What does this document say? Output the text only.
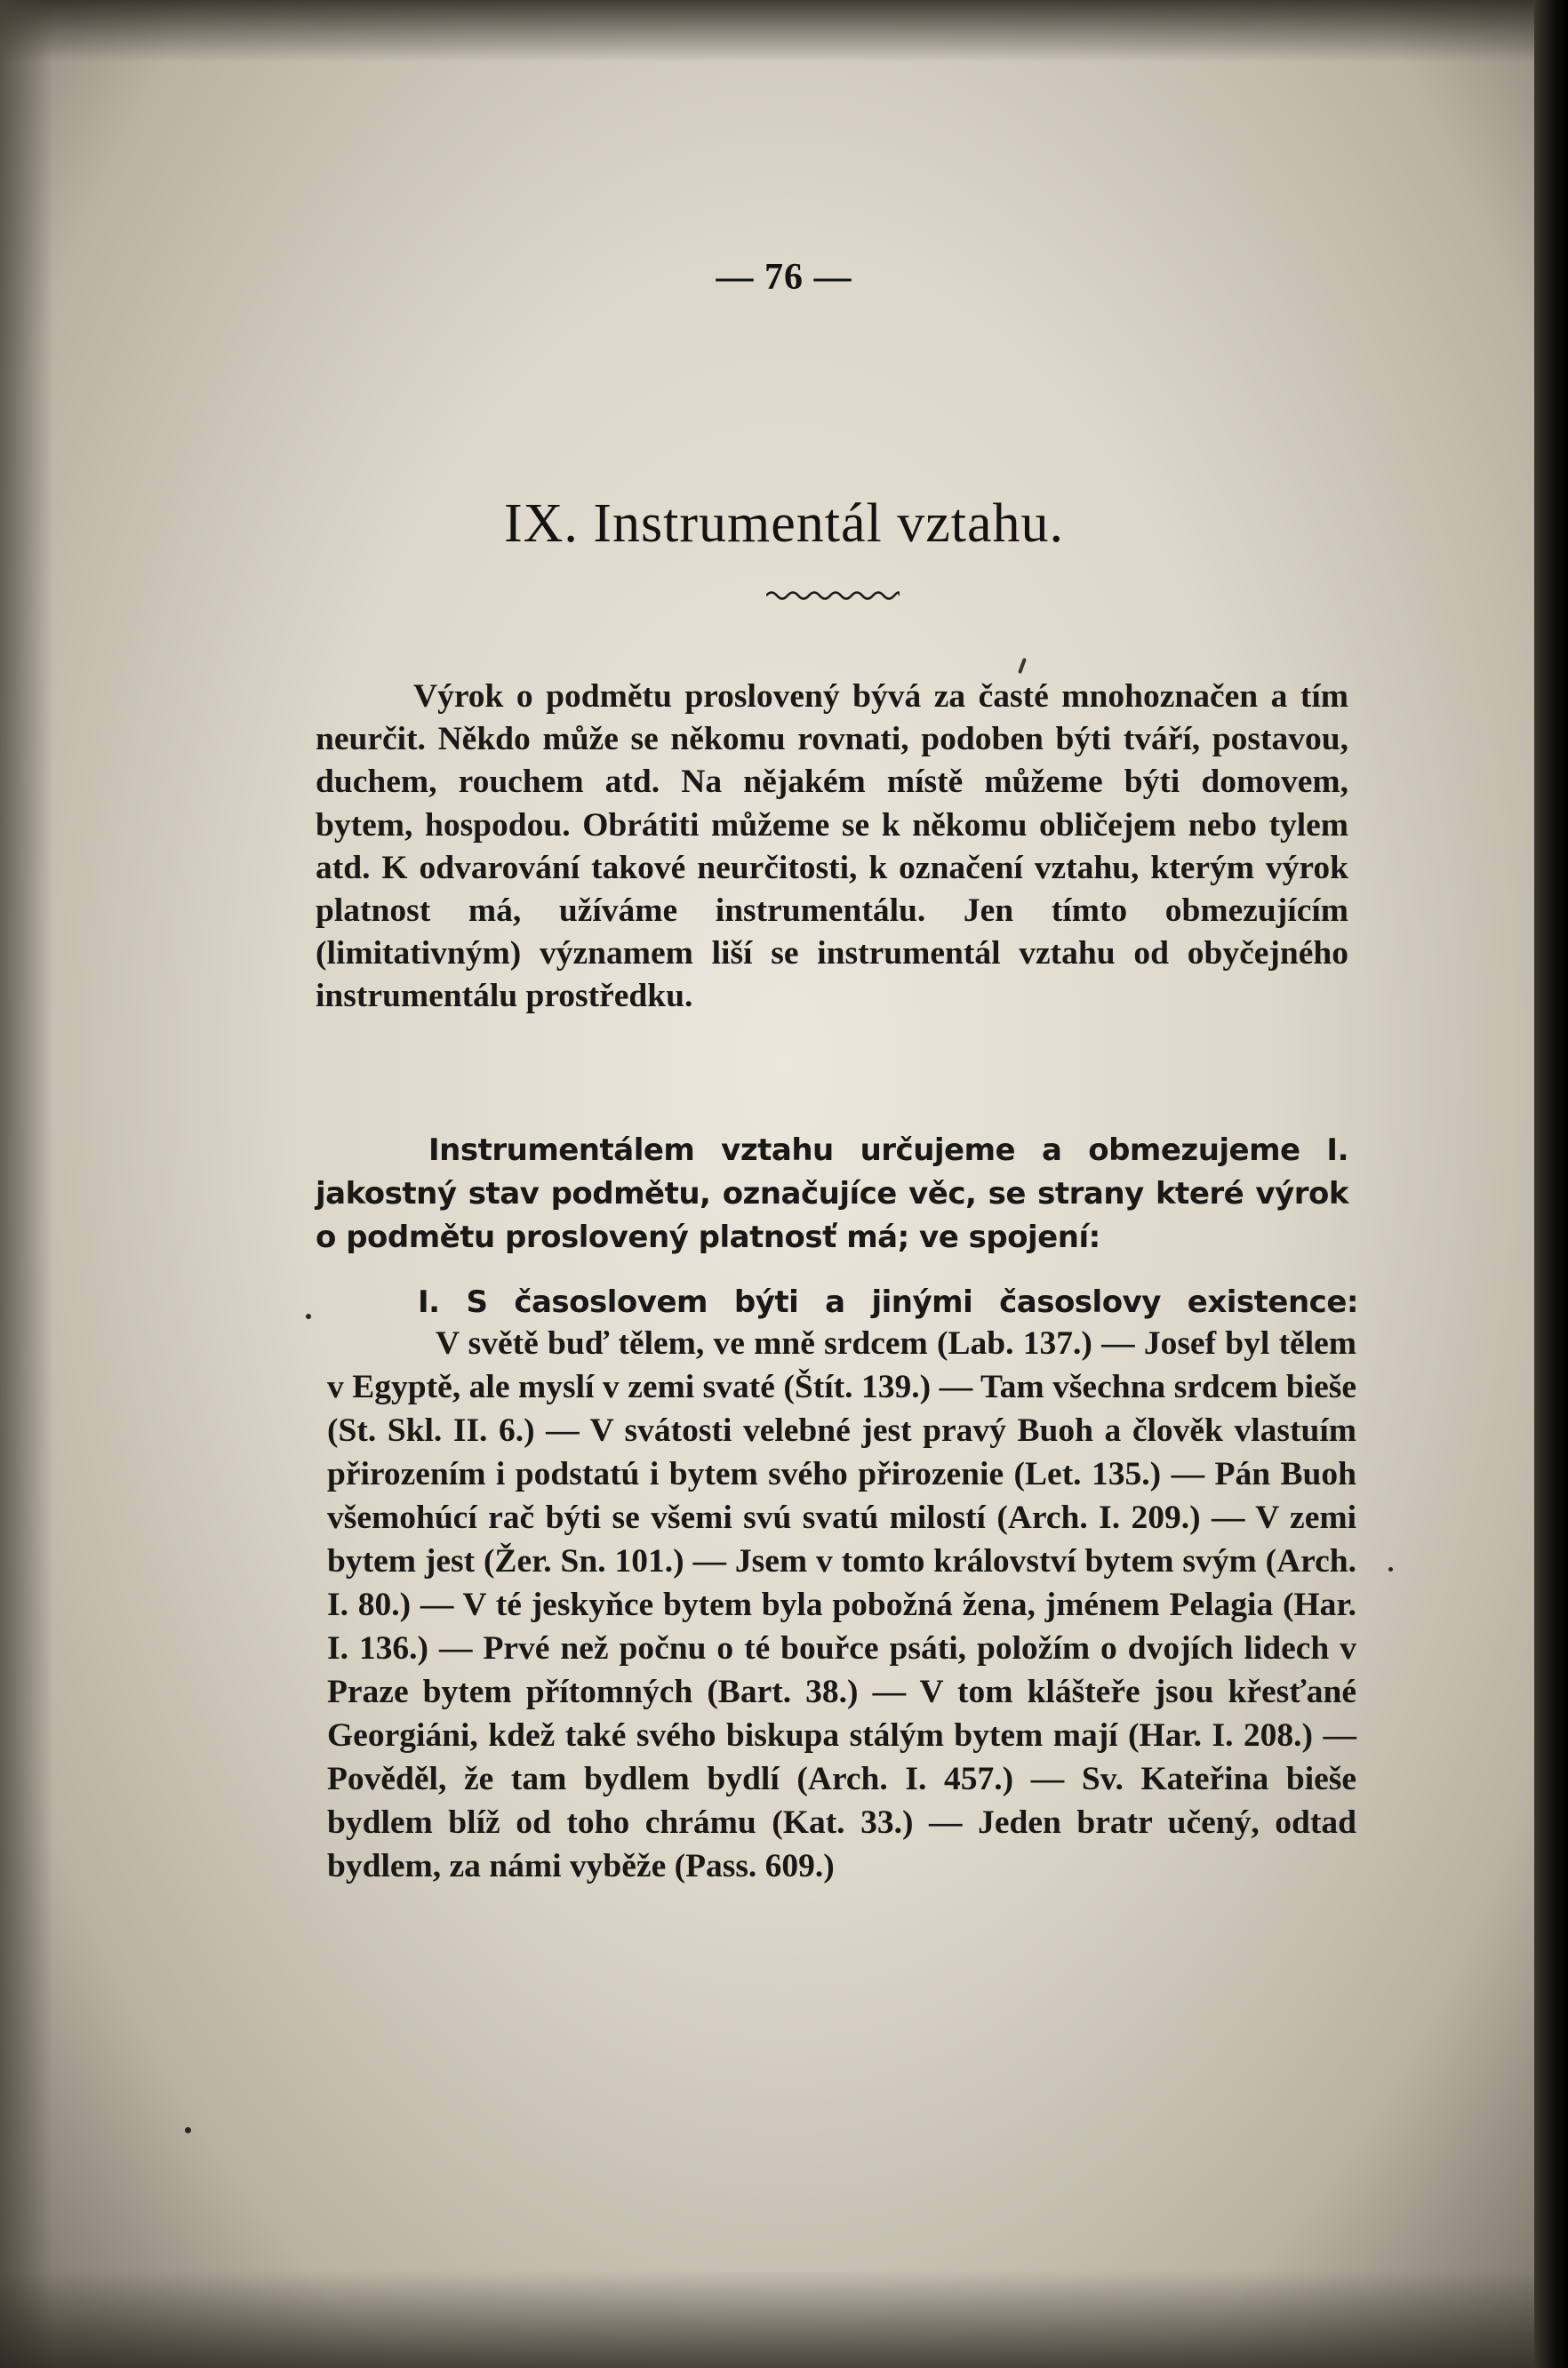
— 76 —
IX. Instrumentál vztahu.
Výrok o podmětu proslovený bývá za časté mnohoznačen a tím neurčit. Někdo může se někomu rovnati, podoben býti tváří, postavou, duchem, rouchem atd. Na nějakém místě můžeme býti domovem, bytem, hospodou. Obrátiti můžeme se k někomu obličejem nebo tylem atd. K odvarování takové neurčitosti, k označení vztahu, kterým výrok platnost má, užíváme instrumentálu. Jen tímto obmezujícím (limitativným) významem liší se instrumentál vztahu od obyčejného instrumentálu prostředku.
Instrumentálem vztahu určujeme a obmezujeme I. jakostný stav podmětu, označujíce věc, se strany které výrok o podmětu proslovený platnosť má; ve spojení:
I. S časoslovem býti a jinými časoslovy existence:
V světě buď tělem, ve mně srdcem (Lab. 137.) — Josef byl tělem v Egyptě, ale myslí v zemi svaté (Štít. 139.) — Tam všechna srdcem bieše (St. Skl. II. 6.) — V svátosti velebné jest pravý Buoh a člověk vlastuím přirozením i podstatú i bytem svého přirozenie (Let. 135.) — Pán Buoh všemohúcí rač býti se všemi svú svatú milostí (Arch. I. 209.) — V zemi bytem jest (Žer. Sn. 101.) — Jsem v tomto království bytem svým (Arch. I. 80.) — V té jeskyňce bytem byla pobožná žena, jménem Pelagia (Har. I. 136.) — Prvé než počnu o té bouřce psáti, položím o dvojích lidech v Praze bytem přítomných (Bart. 38.) — V tom klášteře jsou křesťané Georgiáni, kdež také svého biskupa stálým bytem mají (Har. I. 208.) — Pověděl, že tam bydlem bydlí (Arch. I. 457.) — Sv. Kateřina bieše bydlem blíž od toho chrámu (Kat. 33.) — Jeden bratr učený, odtad bydlem, za námi vyběže (Pass. 609.)
